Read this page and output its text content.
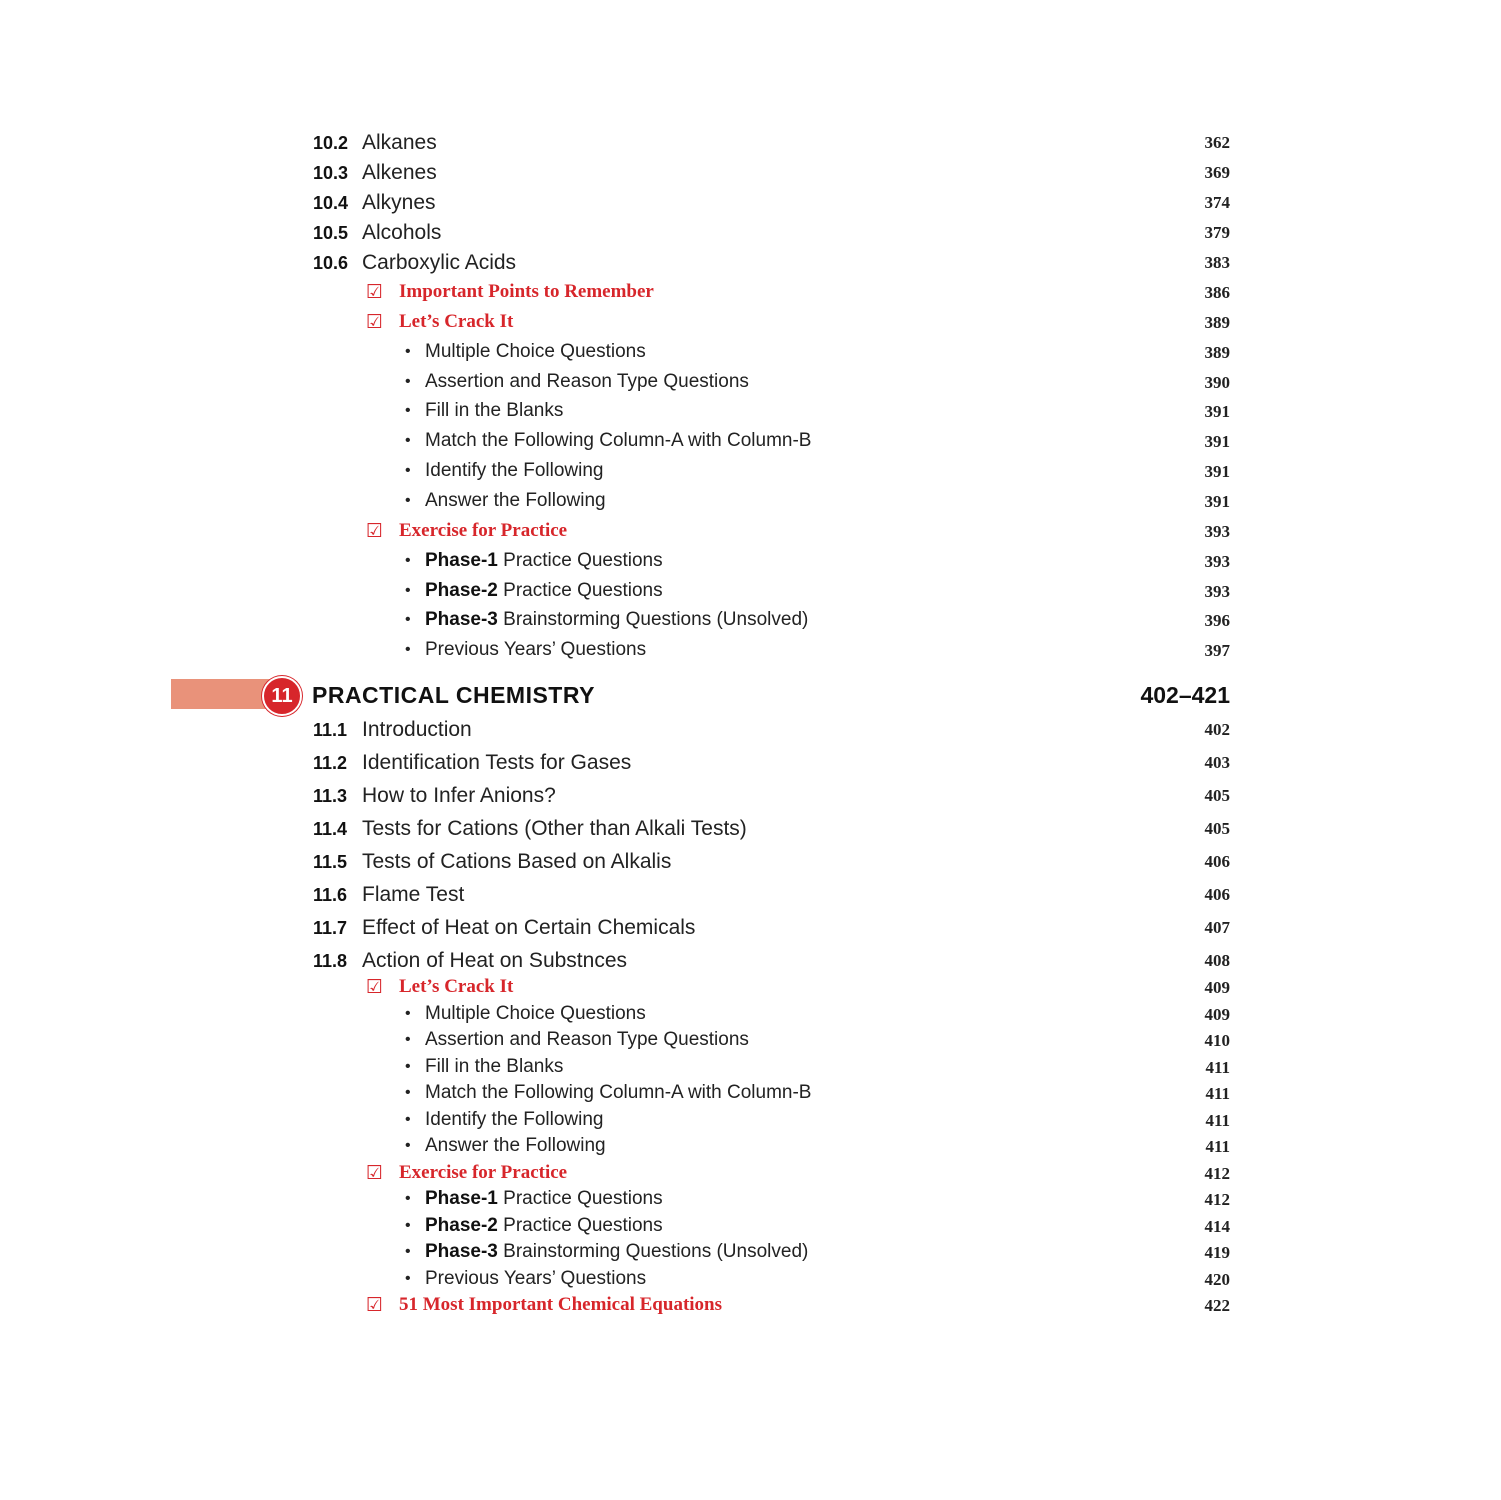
11 PRACTICAL CHEMISTRY	402–421
10.2 Alkanes	362
10.3 Alkenes	369
10.4 Alkynes	374
10.5 Alcohols	379
10.6 Carboxylic Acids	383
☑ Important Points to Remember	386
☑ Let’s Crack It	389
• Multiple Choice Questions	389
• Assertion and Reason Type Questions	390
• Fill in the Blanks	391
• Match the Following Column-A with Column-B	391
• Identify the Following	391
• Answer the Following	391
☑ Exercise for Practice	393
• Phase-1 Practice Questions	393
• Phase-2 Practice Questions	393
• Phase-3 Brainstorming Questions (Unsolved)	396
• Previous Years’ Questions	397
11.1 Introduction	402
11.2 Identification Tests for Gases	403
11.3 How to Infer Anions?	405
11.4 Tests for Cations (Other than Alkali Tests)	405
11.5 Tests of Cations Based on Alkalis	406
11.6 Flame Test	406
11.7 Effect of Heat on Certain Chemicals	407
11.8 Action of Heat on Substnces	408
☑ Let’s Crack It	409
• Multiple Choice Questions	409
• Assertion and Reason Type Questions	410
• Fill in the Blanks	411
• Match the Following Column-A with Column-B	411
• Identify the Following	411
• Answer the Following	411
☑ Exercise for Practice	412
• Phase-1 Practice Questions	412
• Phase-2 Practice Questions	414
• Phase-3 Brainstorming Questions (Unsolved)	419
• Previous Years’ Questions	420
☑ 51 Most Important Chemical Equations	422
